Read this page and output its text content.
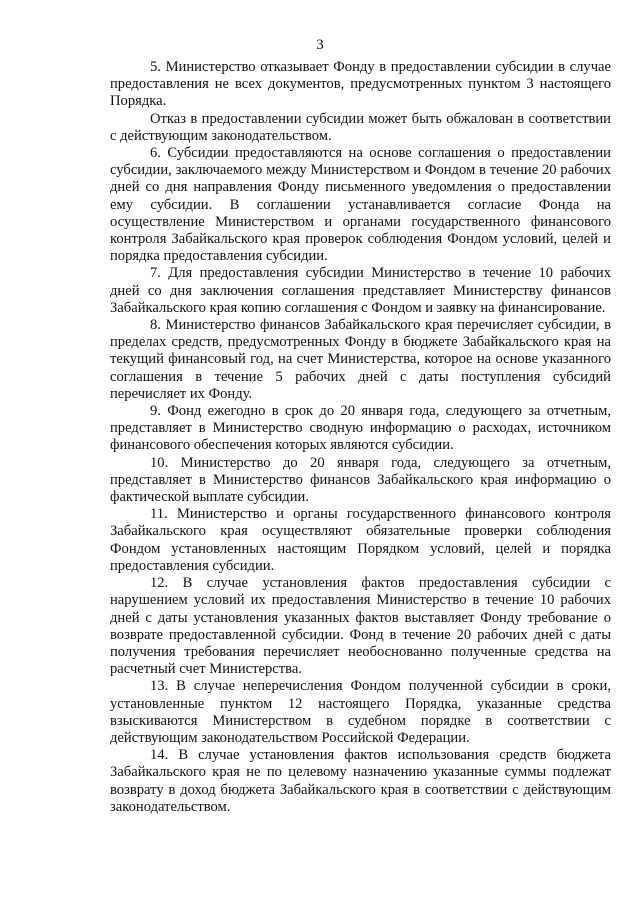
3

5. Министерство отказывает Фонду в предоставлении субсидии в случае предоставления не всех документов, предусмотренных пунктом 3 настоящего Порядка.

Отказ в предоставлении субсидии может быть обжалован в соответствии с действующим законодательством.

6. Субсидии предоставляются на основе соглашения о предоставлении субсидии, заключаемого между Министерством и Фондом в течение 20 рабочих дней со дня направления Фонду письменного уведомления о предоставлении ему субсидии. В соглашении устанавливается согласие Фонда на осуществление Министерством и органами государственного финансового контроля Забайкальского края проверок соблюдения Фондом условий, целей и порядка предоставления субсидии.

7. Для предоставления субсидии Министерство в течение 10 рабочих дней со дня заключения соглашения представляет Министерству финансов Забайкальского края копию соглашения с Фондом и заявку на финансирование.

8. Министерство финансов Забайкальского края перечисляет субсидии, в пределах средств, предусмотренных Фонду в бюджете Забайкальского края на текущий финансовый год, на счет Министерства, которое на основе указанного соглашения в течение 5 рабочих дней с даты поступления субсидий перечисляет их Фонду.

9. Фонд ежегодно в срок до 20 января года, следующего за отчетным, представляет в Министерство сводную информацию о расходах, источником финансового обеспечения которых являются субсидии.

10. Министерство до 20 января года, следующего за отчетным, представляет в Министерство финансов Забайкальского края информацию о фактической выплате субсидии.

11. Министерство и органы государственного финансового контроля Забайкальского края осуществляют обязательные проверки соблюдения Фондом установленных настоящим Порядком условий, целей и порядка предоставления субсидии.

12. В случае установления фактов предоставления субсидии с нарушением условий их предоставления Министерство в течение 10 рабочих дней с даты установления указанных фактов выставляет Фонду требование о возврате предоставленной субсидии. Фонд в течение 20 рабочих дней с даты получения требования перечисляет необоснованно полученные средства на расчетный счет Министерства.

13. В случае неперечисления Фондом полученной субсидии в сроки, установленные пунктом 12 настоящего Порядка, указанные средства взыскиваются Министерством в судебном порядке в соответствии с действующим законодательством Российской Федерации.

14. В случае установления фактов использования средств бюджета Забайкальского края не по целевому назначению указанные суммы подлежат возврату в доход бюджета Забайкальского края в соответствии с действующим законодательством.
